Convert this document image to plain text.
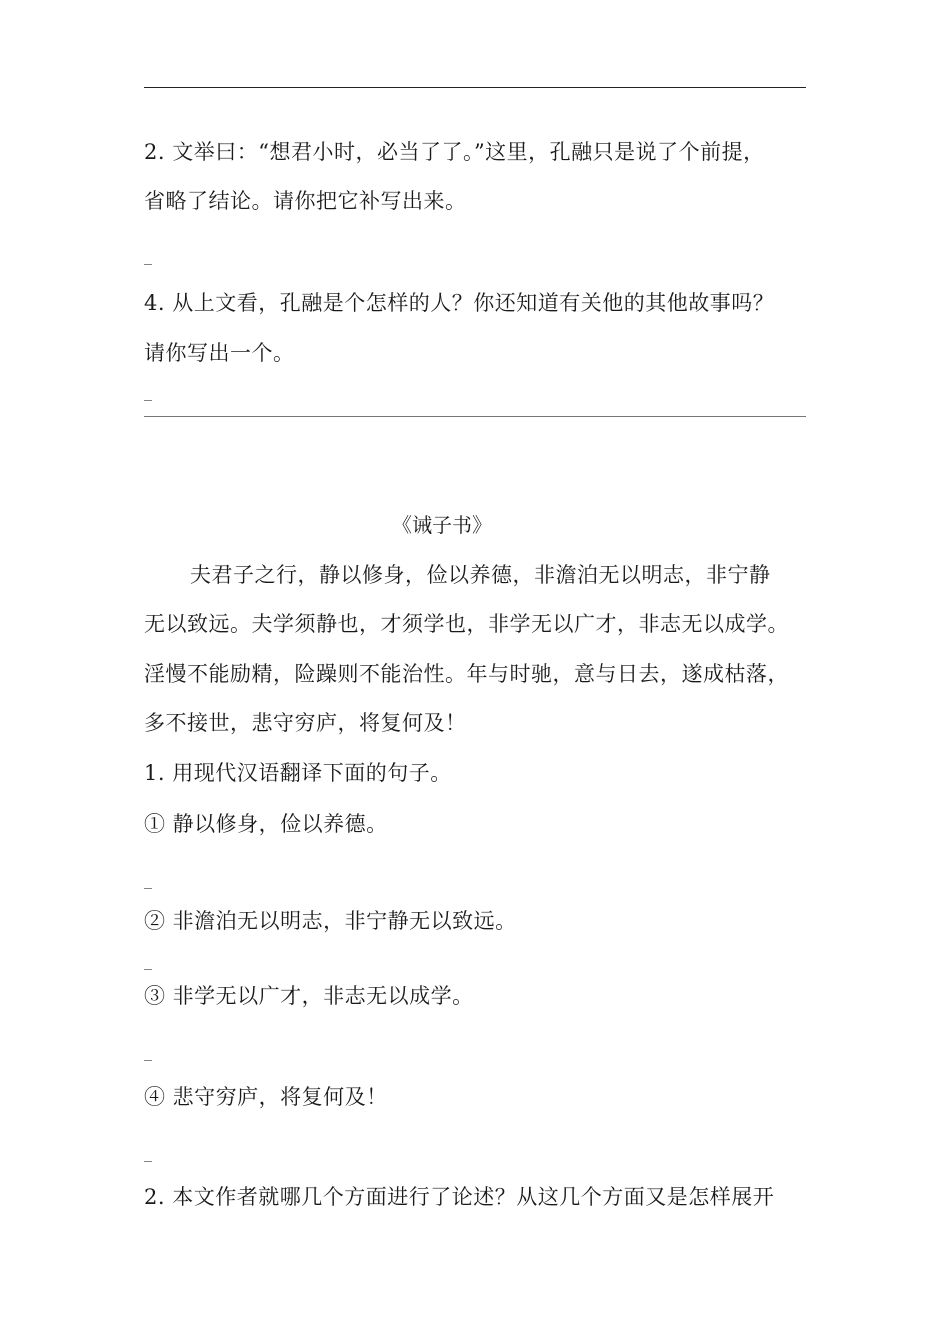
2. 文举曰：“想君小时，必当了了。”这里，孔融只是说了个前提，
省略了结论。请你把它补写出来。
_
4. 从上文看，孔融是个怎样的人？你还知道有关他的其他故事吗？
请你写出一个。
_
《诫子书》
夫君子之行，静以修身，俭以养德，非澹泊无以明志，非宁静
无以致远。夫学须静也，才须学也，非学无以广才，非志无以成学。
淫慢不能励精，险躁则不能治性。年与时驰，意与日去，遂成枯落，
多不接世，悲守穷庐，将复何及！
1. 用现代汉语翻译下面的句子。
① 静以修身，俭以养德。
_
② 非澹泊无以明志，非宁静无以致远。
_
③ 非学无以广才，非志无以成学。
_
④ 悲守穷庐，将复何及！
_
2. 本文作者就哪几个方面进行了论述？从这几个方面又是怎样展开
